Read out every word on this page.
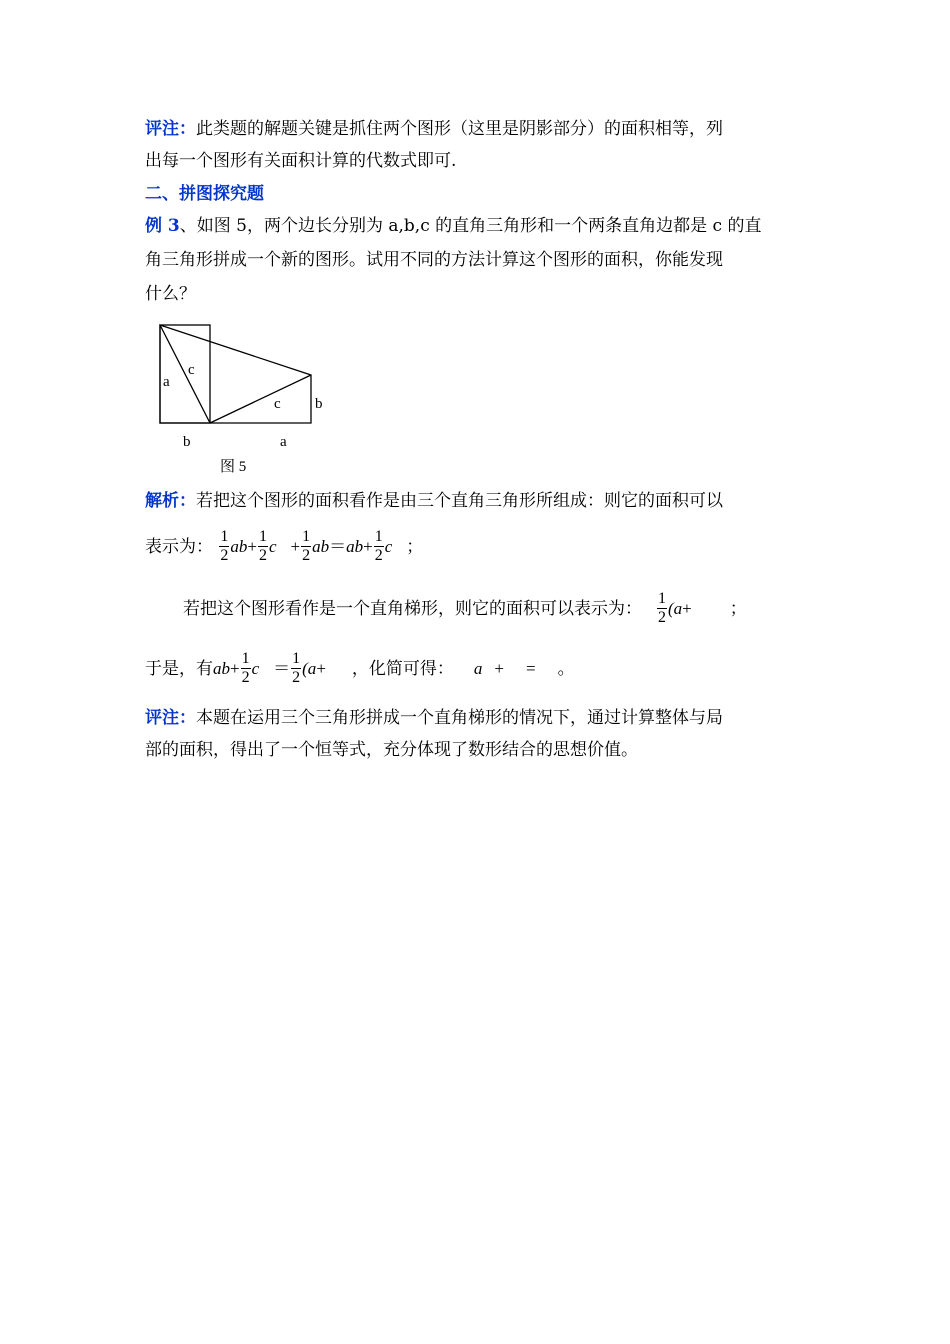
评注：此类题的解题关键是抓住两个图形（这里是阴影部分）的面积相等，列
出每一个图形有关面积计算的代数式即可.
二、拼图探究题
例 3、如图 5，两个边长分别为 a,b,c 的直角三角形和一个两条直角边都是 c 的直
角三角形拼成一个新的图形。试用不同的方法计算这个图形的面积，你能发现
什么？
a
c
c b
b	a
图 5
解析：若把这个图形的面积看作是由三个直角三角形所组成：则它的面积可以
表示为： $\frac{1}{2} ab+ \frac{1}{2}$ $c + \frac{1}{2} ab=ab+ \frac{1}{2}$ c ；
若把这个图形看作是一个直角梯形，则它的面积可以表示为： $\frac{1}{2} (a+$ ；
于是，有$ab+ \frac{1}{2}$ $c = \frac{1}{2} (a+$ ，化简可得： a + = 。
评注：本题在运用三个三角形拼成一个直角梯形的情况下，通过计算整体与局
部的面积，得出了一个恒等式，充分体现了数形结合的思想价值。
